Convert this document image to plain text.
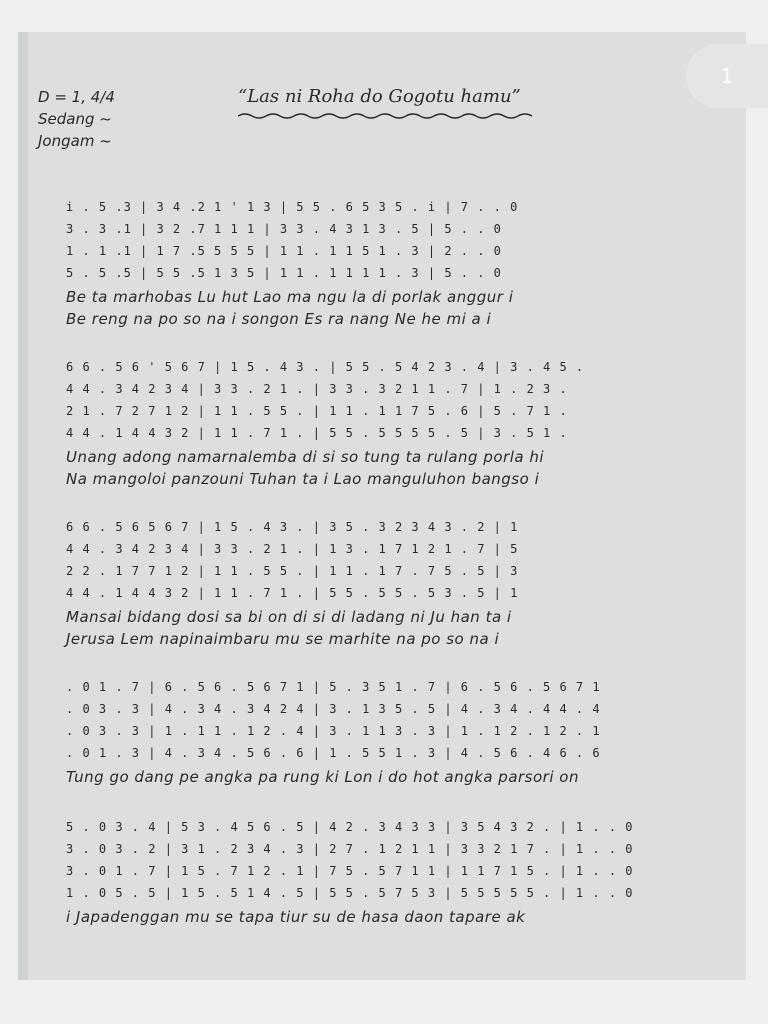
D = 1, 4/4
Sedang ~
Jongam ~
“Las ni Roha do Gogotu hamu”
i . 5 .3 | 3 4 .2 1 ' 1 3 | 5 5 . 6 5 3 5 . i | 7 . . 0
3 . 3 .1 | 3 2 .7 1 1 1 | 3 3 . 4 3 1 3 . 5 | 5 . . 0
1 . 1 .1 | 1 7 .5 5 5 5 | 1 1 . 1 1 5 1 . 3 | 2 . . 0
5 . 5 .5 | 5 5 .5 1 3 5 | 1 1 . 1 1 1 1 . 3 | 5 . . 0
Be ta marhobas Lu hut Lao ma ngu la di porlak anggur i
Be reng na po so na i songon Es ra nang Ne he mi a i
6 6 . 5 6 ' 5 6 7 | 1 5 . 4 3 . | 5 5 . 5 4 2 3 . 4 | 3 . 4 5 .
4 4 . 3 4 2 3 4 | 3 3 . 2 1 . | 3 3 . 3 2 1 1 . 7 | 1 . 2 3 .
2 1 . 7 2 7 1 2 | 1 1 . 5 5 . | 1 1 . 1 1 7 5 . 6 | 5 . 7 1 .
4 4 . 1 4 4 3 2 | 1 1 . 7 1 . | 5 5 . 5 5 5 5 . 5 | 3 . 5 1 .
Unang adong namarnalemba di si so tung ta rulang porla hi
Na mangoloi panzouni Tuhan ta i Lao manguluhon bangso i
6 6 . 5 6 5 6 7 | 1 5 . 4 3 . | 3 5 . 3 2 3 4 3 . 2 | 1
4 4 . 3 4 2 3 4 | 3 3 . 2 1 . | 1 3 . 1 7 1 2 1 . 7 | 5
2 2 . 1 7 7 1 2 | 1 1 . 5 5 . | 1 1 . 1 7 . 7 5 . 5 | 3
4 4 . 1 4 4 3 2 | 1 1 . 7 1 . | 5 5 . 5 5 . 5 3 . 5 | 1
Mansai bidang dosi sa bi on di si di ladang ni Ju han ta i
Jerusa Lem napinaimbaru mu se marhite na po so na i
. 0 1 . 7 | 6 . 5 6 . 5 6 7 1 | 5 . 3 5 1 . 7 | 6 . 5 6 . 5 6 7 1
. 0 3 . 3 | 4 . 3 4 . 3 4 2 4 | 3 . 1 3 5 . 5 | 4 . 3 4 . 4 4 . 4
. 0 3 . 3 | 1 . 1 1 . 1 2 . 4 | 3 . 1 1 3 . 3 | 1 . 1 2 . 1 2 . 1
. 0 1 . 3 | 4 . 3 4 . 5 6 . 6 | 1 . 5 5 1 . 3 | 4 . 5 6 . 4 6 . 6
Tung go dang pe angka pa rung ki Lon i do hot angka parsori on
5 . 0 3 . 4 | 5 3 . 4 5 6 . 5 | 4 2 . 3 4 3 3 | 3 5 4 3 2 . | 1 . . 0
3 . 0 3 . 2 | 3 1 . 2 3 4 . 3 | 2 7 . 1 2 1 1 | 3 3 2 1 7 . | 1 . . 0
3 . 0 1 . 7 | 1 5 . 7 1 2 . 1 | 7 5 . 5 7 1 1 | 1 1 7 1 5 . | 1 . . 0
1 . 0 5 . 5 | 1 5 . 5 1 4 . 5 | 5 5 . 5 7 5 3 | 5 5 5 5 5 . | 1 . . 0
i Japadenggan mu se tapa tiur su de hasa daon tapare ak
1
